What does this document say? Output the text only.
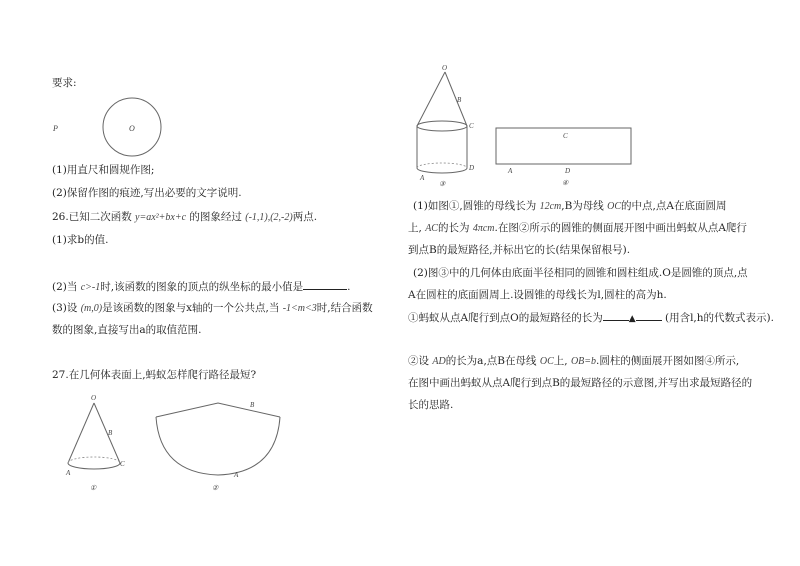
要求:
P	O
(1)用直尺和圆规作图;
(2)保留作图的痕迹,写出必要的文字说明.
26.已知二次函数 y=ax²+bx+c 的图象经过 (-1,1),(2,-2)两点.
(1)求b的值.
(2)当 c>-1时,该函数的图象的顶点的纵坐标的最小值是	.
(3)设 (m,0)是该函数的图象与x轴的一个公共点,当 -1<m<3时,结合函数
数的图象,直接写出a的取值范围.
27.在几何体表面上,蚂蚁怎样爬行路径最短?
O
B
A
C
①
B
A
②
O
B
C
D
A
③
C
A	D
④
(1)如图①,圆锥的母线长为 12cm,B为母线 OC的中点,点A在底面圆周
上, AC的长为 4πcm.在图②所示的圆锥的侧面展开图中画出蚂蚁从点A爬行
到点B的最短路径,并标出它的长(结果保留根号).
(2)图③中的几何体由底面半径相同的圆锥和圆柱组成.O是圆锥的顶点,点
A在圆柱的底面圆周上.设圆锥的母线长为l,圆柱的高为h.
①蚂蚁从点A爬行到点O的最短路径的长为	▲	(用含l,h的代数式表示).
②设 AD的长为a,点B在母线 OC上, OB=b.圆柱的侧面展开图如图④所示,
在图中画出蚂蚁从点A爬行到点B的最短路径的示意图,并写出求最短路径的
长的思路.
